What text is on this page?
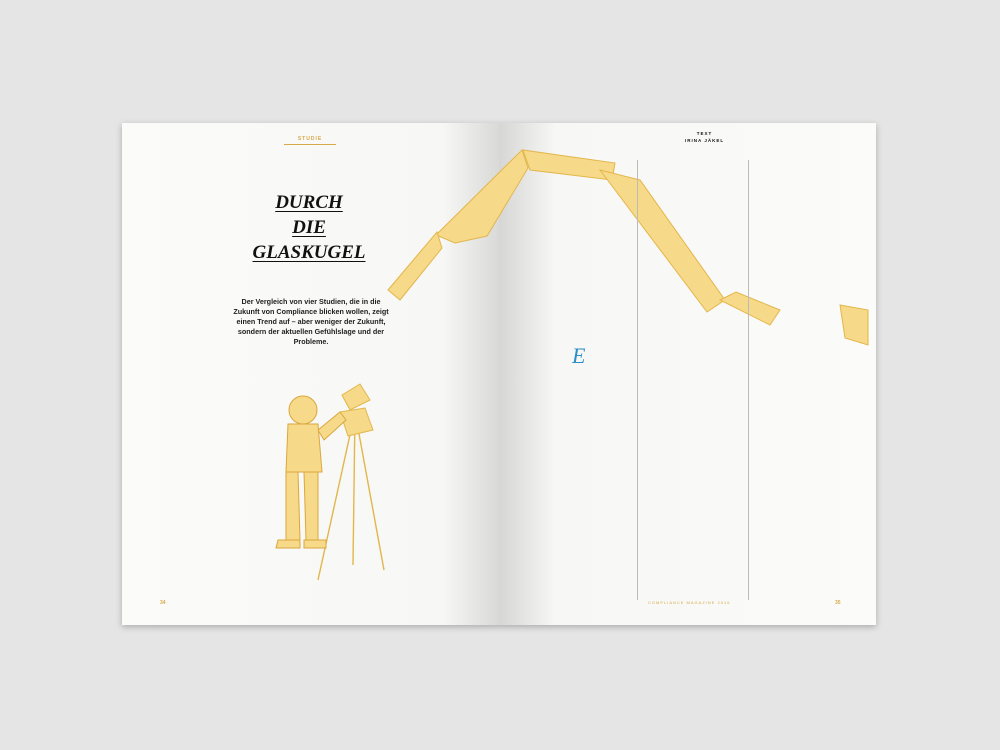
STUDIE
DURCH
DIE
GLASKUGEL
Der Vergleich von vier Studien, die in die Zukunft von Compliance blicken wollen, zeigt einen Trend auf – aber weniger der Zukunft, sondern der aktuellen Gefühlslage und der Probleme.
TEXT
IRINA JÄKEL
E
34	COMPLIANCE MAGAZINE 2016	35
